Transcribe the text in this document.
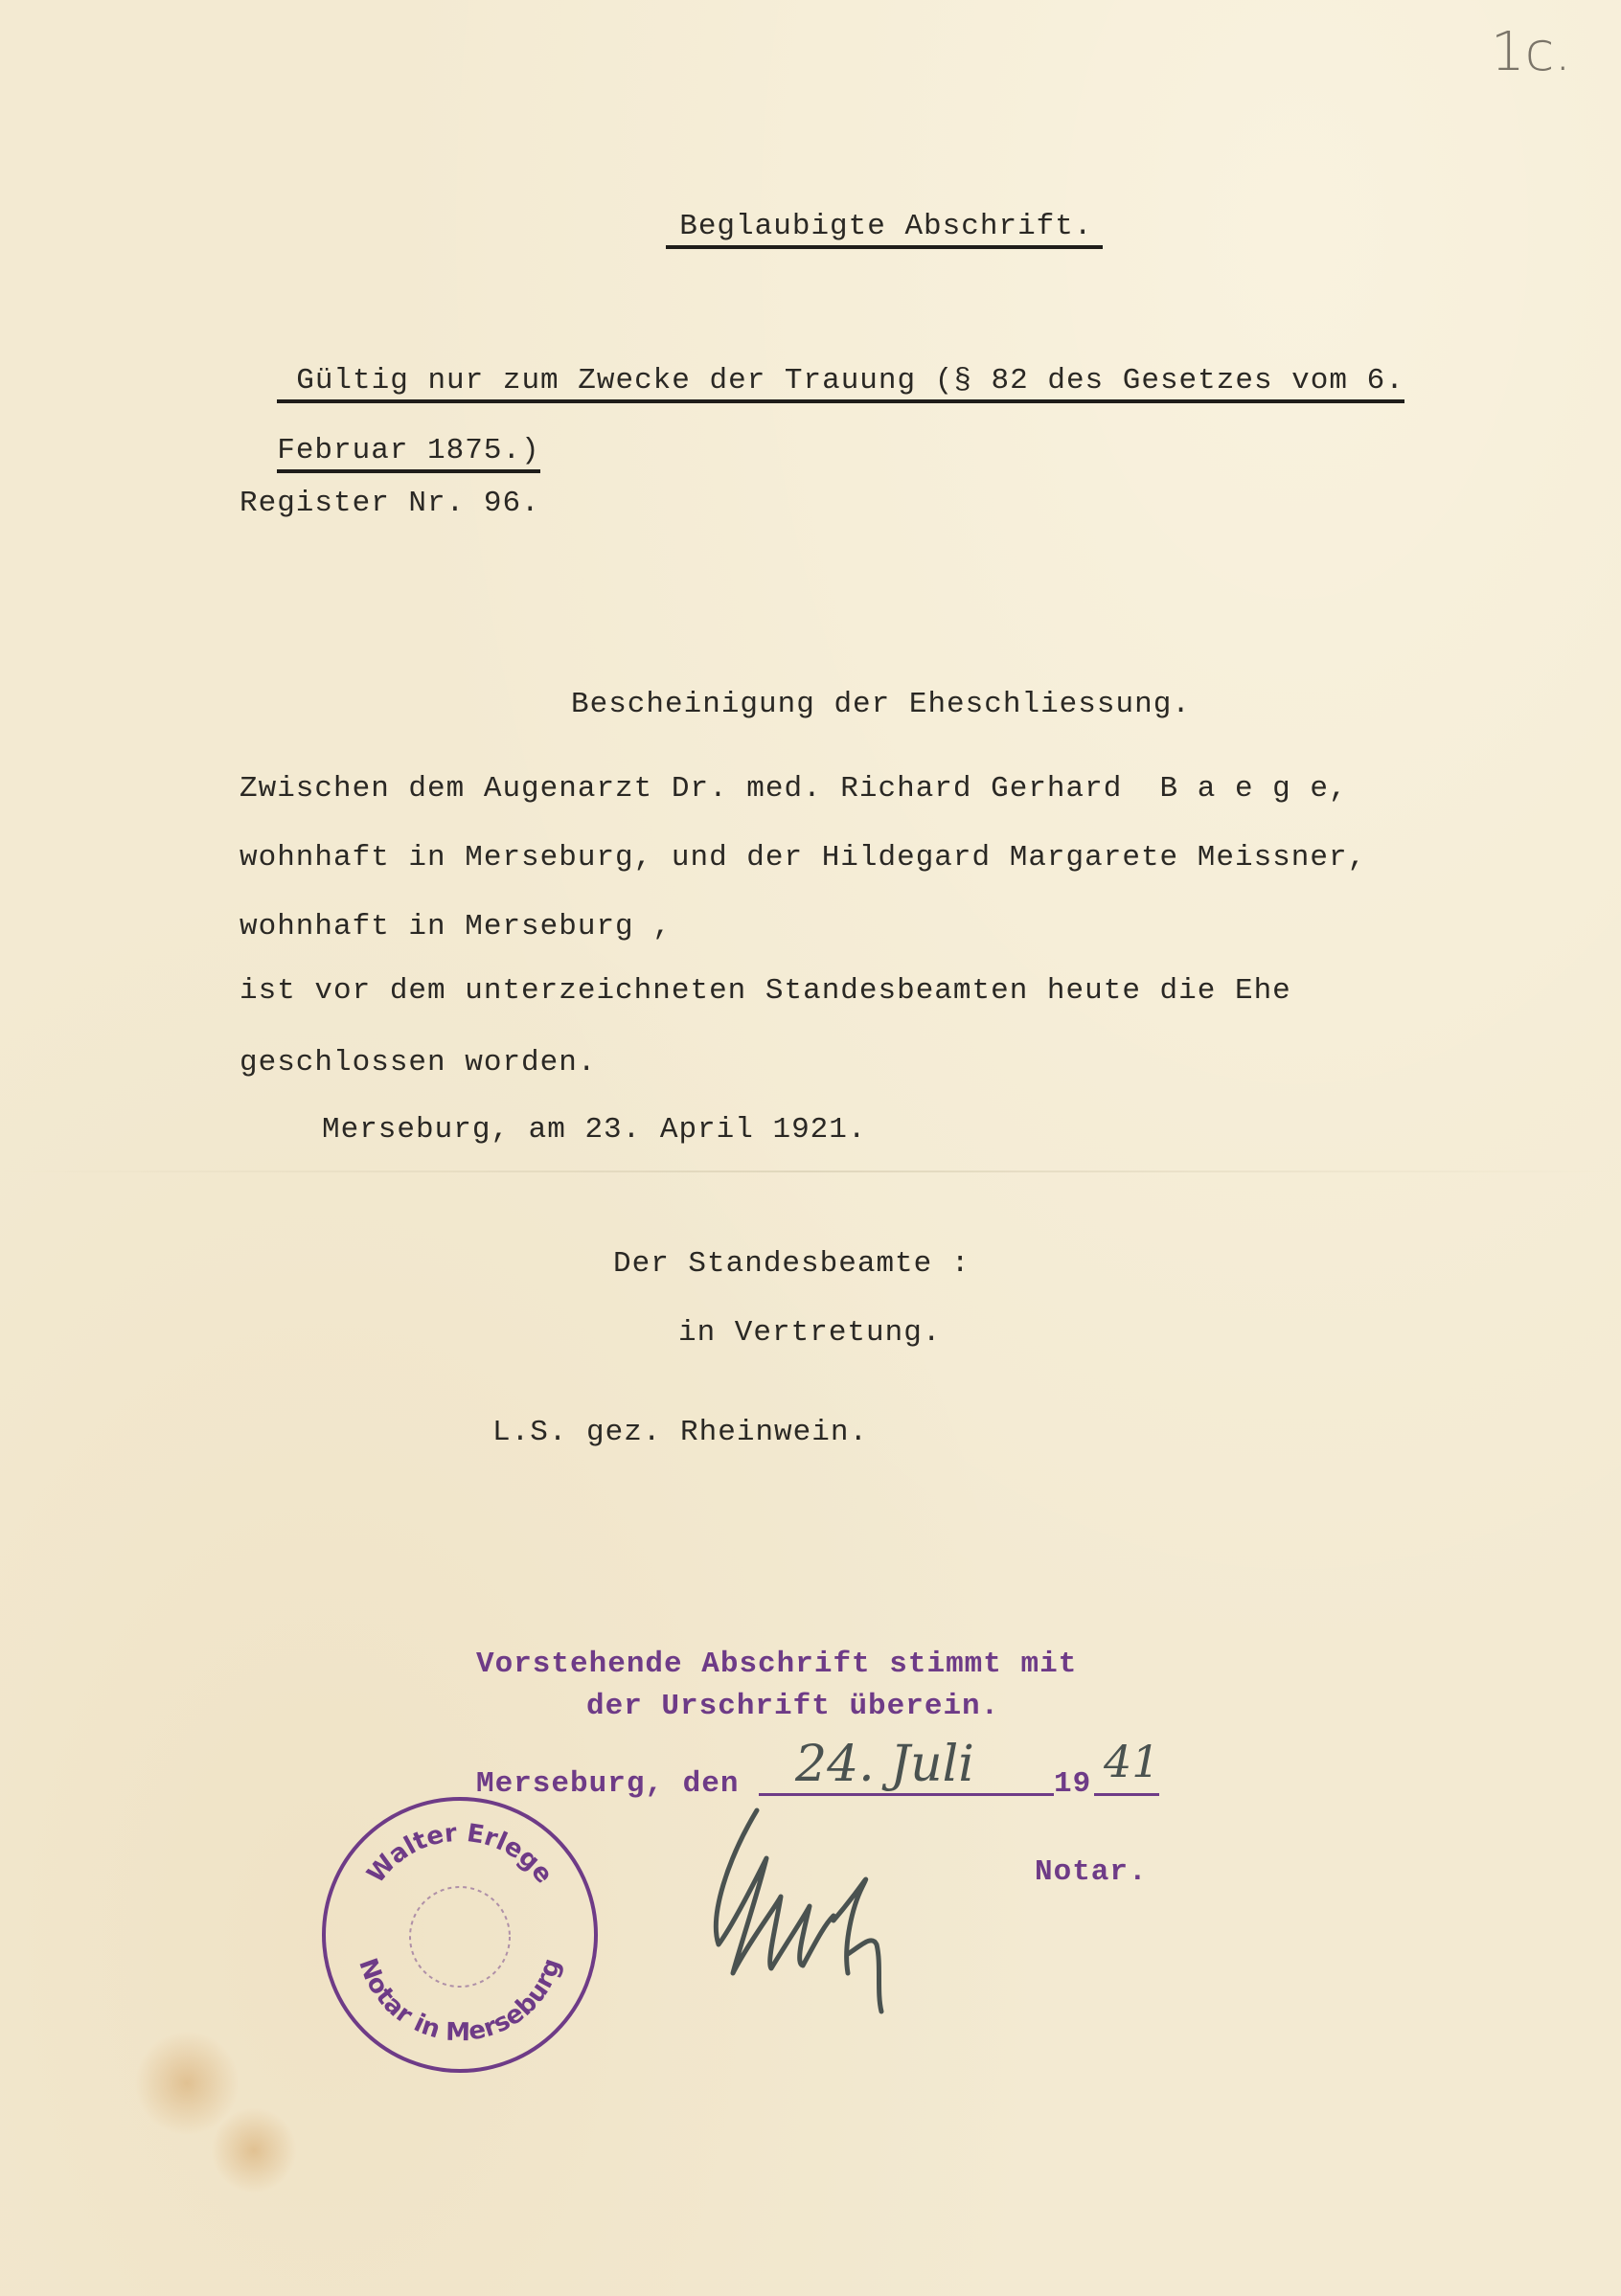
1c.

Beglaubigte Abschrift.

Gültig nur zum Zwecke der Trauung (§ 82 des Gesetzes vom 6.

Februar 1875.)

Register Nr. 96.
Bescheinigung der Eheschliessung.
Zwischen dem Augenarzt Dr. med. Richard Gerhard  B a e g e,
wohnhaft in Merseburg, und der Hildegard Margarete Meissner,
wohnhaft in Merseburg ,
ist vor dem unterzeichneten Standesbeamten heute die Ehe
geschlossen worden.
Merseburg, am 23. April 1921.
Der Standesbeamte :
in Vertretung.
L.S. gez. Rheinwein.
Vorstehende Abschrift stimmt mit
der Urschrift überein.
Merseburg, den 24. Juli	19 41
Notar.
Walter Erlege
Notar in Merseburg
